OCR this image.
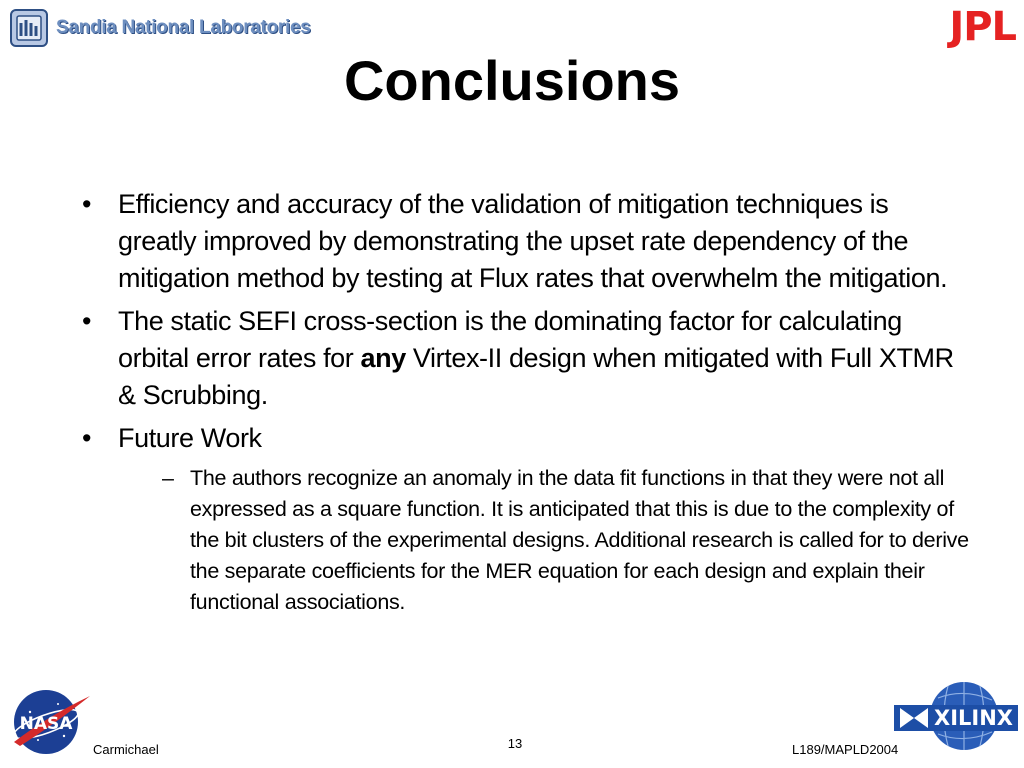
Sandia National Laboratories	JPL
Conclusions
• Efficiency and accuracy of the validation of mitigation techniques is greatly improved by demonstrating the upset rate dependency of the mitigation method by testing at Flux rates that overwhelm the mitigation.
• The static SEFI cross-section is the dominating factor for calculating orbital error rates for any Virtex-II design when mitigated with Full XTMR & Scrubbing.
• Future Work
– The authors recognize an anomaly in the data fit functions in that they were not all expressed as a square function. It is anticipated that this is due to the complexity of the bit clusters of the experimental designs. Additional research is called for to derive the separate coefficients for the MER equation for each design and explain their functional associations.
NASA	XILINX
Carmichael	13	L189/MAPLD2004
